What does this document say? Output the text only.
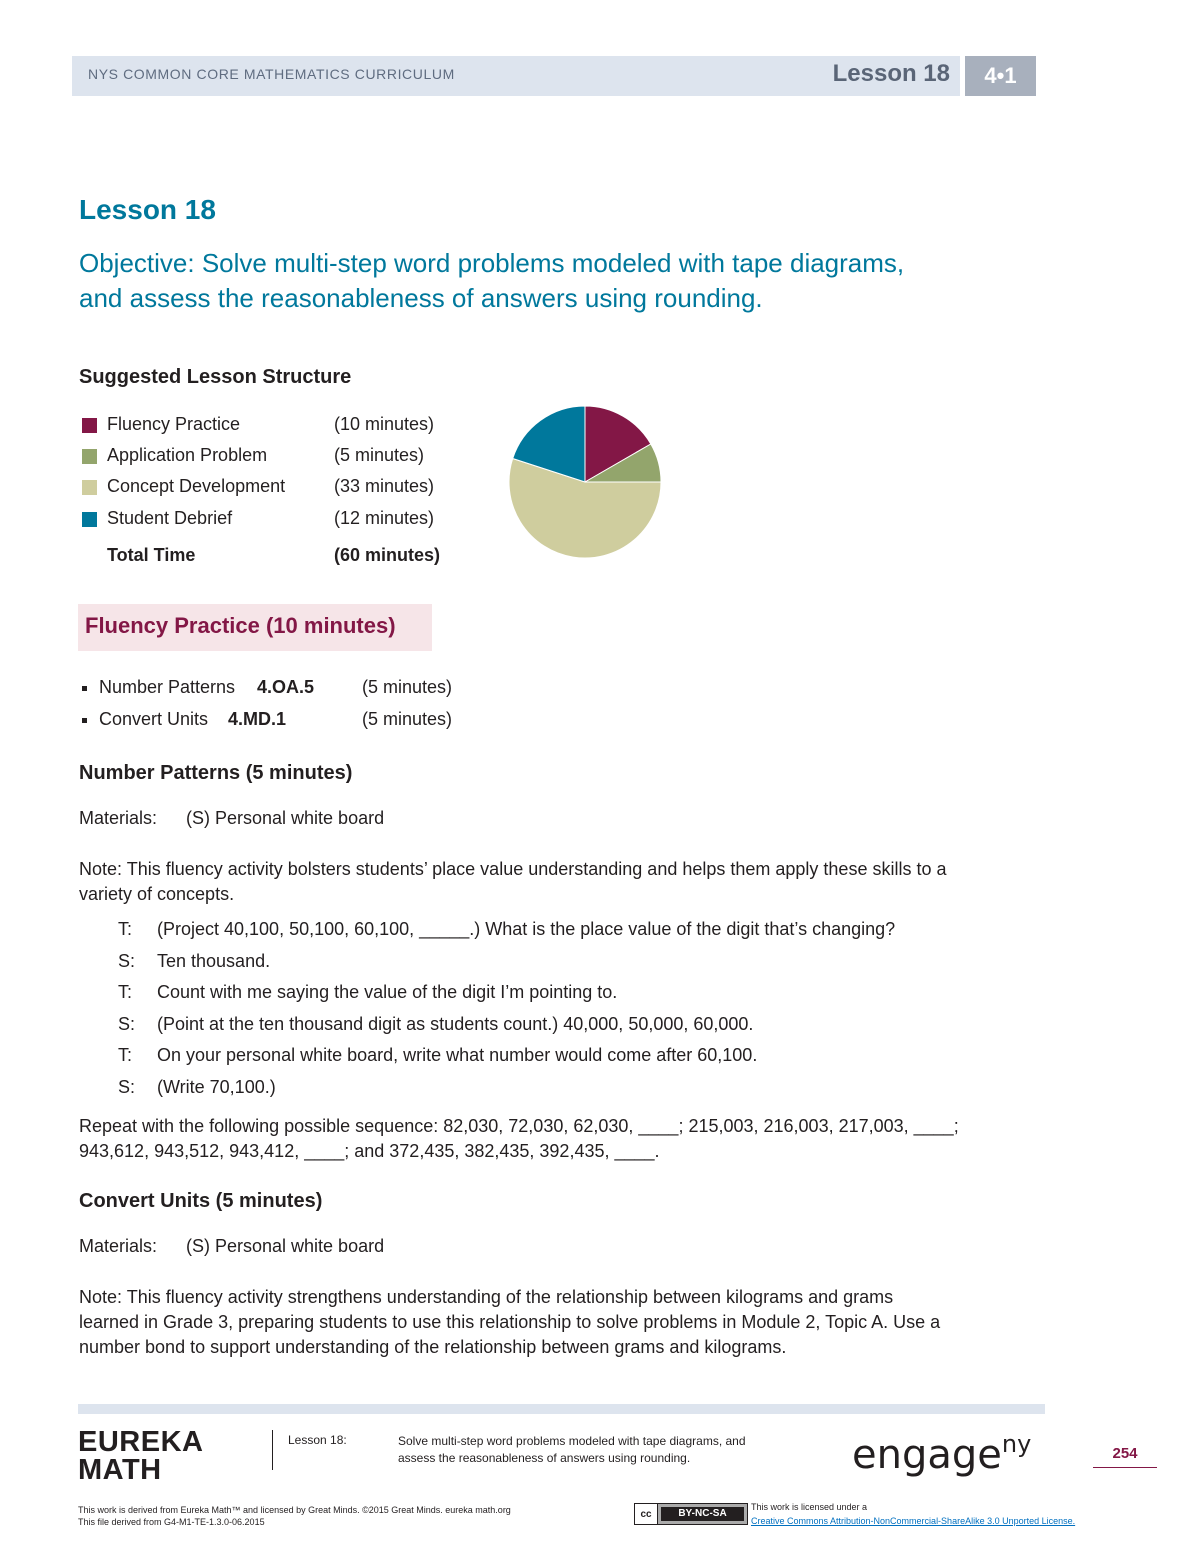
NYS COMMON CORE MATHEMATICS CURRICULUM	Lesson 18	4•1
Lesson 18
Objective: Solve multi-step word problems modeled with tape diagrams,
and assess the reasonableness of answers using rounding.
Suggested Lesson Structure
Fluency Practice	(10 minutes)
Application Problem	(5 minutes)
Concept Development	(33 minutes)
Student Debrief	(12 minutes)
Total Time	(60 minutes)
Fluency Practice (10 minutes)
Number Patterns 4.OA.5	(5 minutes)
Convert Units 4.MD.1	(5 minutes)
Number Patterns (5 minutes)
Materials: (S) Personal white board
Note: This fluency activity bolsters students’ place value understanding and helps them apply these skills to a
variety of concepts.
T: (Project 40,100, 50,100, 60,100, _____.) What is the place value of the digit that’s changing?
S: Ten thousand.
T: Count with me saying the value of the digit I’m pointing to.
S: (Point at the ten thousand digit as students count.) 40,000, 50,000, 60,000.
T: On your personal white board, write what number would come after 60,100.
S: (Write 70,100.)
Repeat with the following possible sequence: 82,030, 72,030, 62,030, ____; 215,003, 216,003, 217,003, ____;
943,612, 943,512, 943,412, ____; and 372,435, 382,435, 392,435, ____.
Convert Units (5 minutes)
Materials: (S) Personal white board
Note: This fluency activity strengthens understanding of the relationship between kilograms and grams
learned in Grade 3, preparing students to use this relationship to solve problems in Module 2, Topic A. Use a
number bond to support understanding of the relationship between grams and kilograms.
EUREKA
MATH
Lesson 18:	Solve multi-step word problems modeled with tape diagrams, and
assess the reasonableness of answers using rounding.	engage$^{ny}$	254
This work is derived from Eureka Math™ and licensed by Great Minds. ©2015 Great Minds. eureka math.org
This file derived from G4-M1-TE-1.3.0-06.2015
cc	BY-NC-SA
This work is licensed under a
Creative Commons Attribution-NonCommercial-ShareAlike 3.0 Unported License.
